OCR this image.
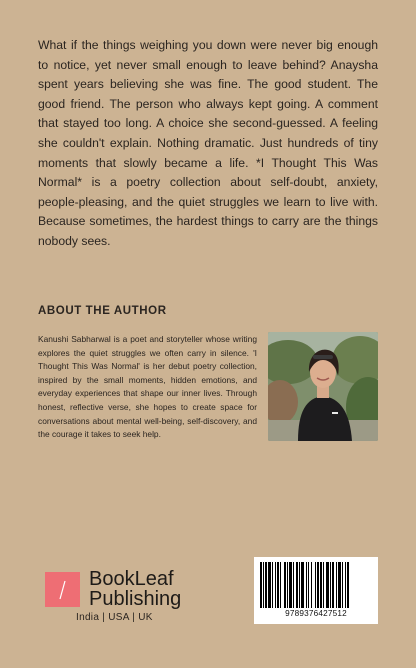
What if the things weighing you down were never big enough to notice, yet never small enough to leave behind? Anaysha spent years believing she was fine. The good student. The good friend. The person who always kept going. A comment that stayed too long. A choice she second-guessed. A feeling she couldn't explain. Nothing dramatic. Just hundreds of tiny moments that slowly became a life. *I Thought This Was Normal* is a poetry collection about self-doubt, anxiety, people-pleasing, and the quiet struggles we learn to live with. Because sometimes, the hardest things to carry are the things nobody sees.

ABOUT THE AUTHOR

Kanushi Sabharwal is a poet and storyteller whose writing explores the quiet struggles we often carry in silence. 'I Thought This Was Normal' is her debut poetry collection, inspired by the small moments, hidden emotions, and everyday experiences that shape our inner lives. Through honest, reflective verse, she hopes to create space for conversations about mental well-being, self-discovery, and the courage it takes to seek help.

BookLeaf
Publishing
India | USA | UK	9789376427512
